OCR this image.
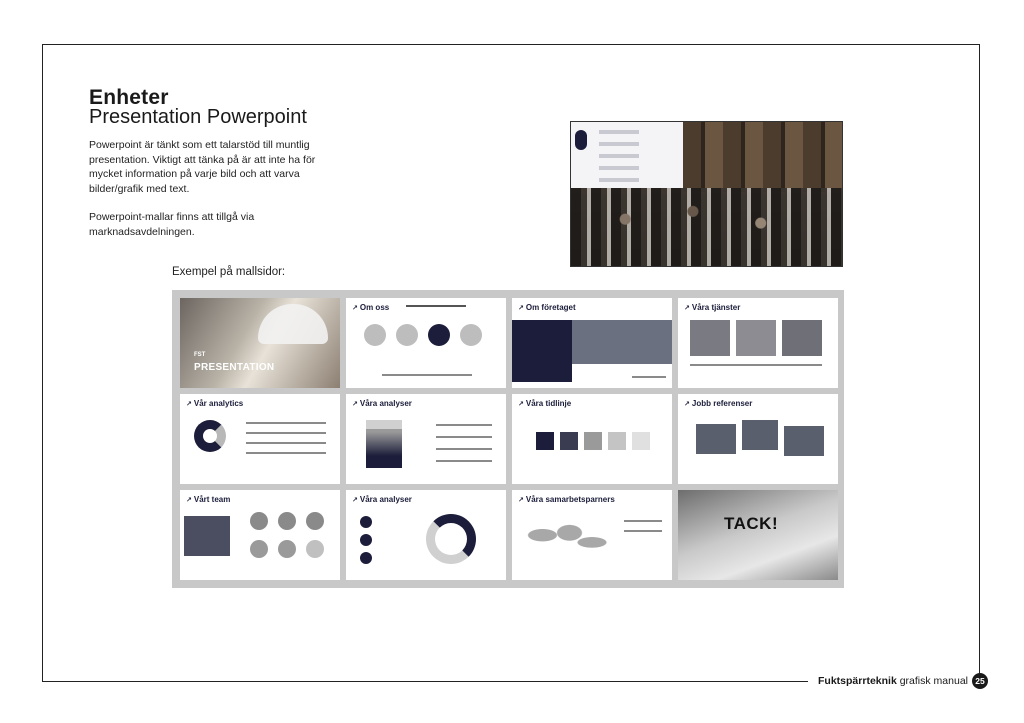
Enheter
Presentation Powerpoint
Powerpoint är tänkt som ett talarstöd till muntlig presentation. Viktigt att tänka på är att inte ha för mycket information på varje bild och att varva bilder/grafik med text.
Powerpoint-mallar finns att tillgå via marknadsavdelningen.
Exempel på mallsidor:
FST
PRESENTATION
↗ Om oss	↗ Om företaget	↗ Våra tjänster
↗ Vår analytics	↗ Våra analyser	↗ Våra tidlinje	↗ Jobb referenser
↗ Vårt team	↗ Våra analyser	↗ Våra samarbetsparners
TACK!
Fuktspärrteknik grafisk manual 25
